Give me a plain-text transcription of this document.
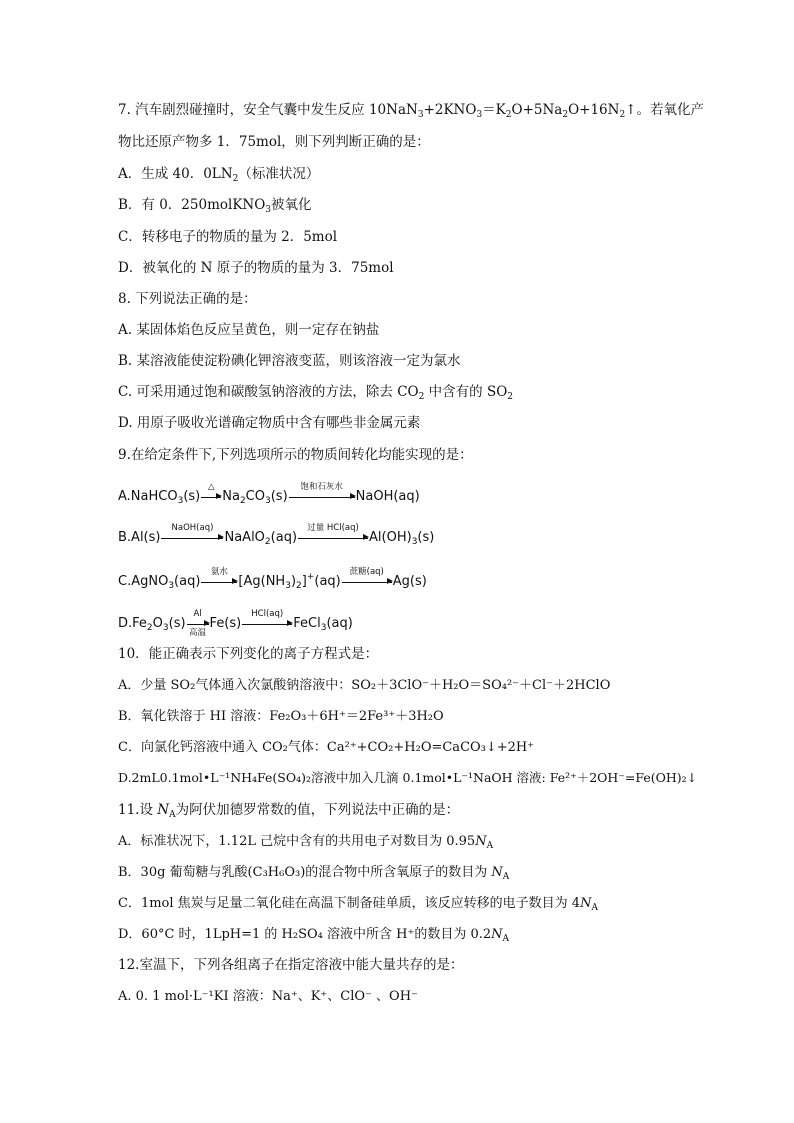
7. 汽车剧烈碰撞时，安全气囊中发生反应 $10NaN_3+2KNO_3=K_2O+5Na_2O+16N_2↑$。若氧化产
物比还原产物多 1．75mol，则下列判断正确的是：
A．生成 40．$0LN_2$（标准状况）
B．有 0．250molKNO$_3$被氧化
C．转移电子的物质的量为 2．5mol
D．被氧化的 N 原子的物质的量为 3．75mol
8. 下列说法正确的是：
A. 某固体焰色反应呈黄色，则一定存在钠盐
B. 某溶液能使淀粉碘化钾溶液变蓝，则该溶液一定为氯水
C. 可采用通过饱和碳酸氢钠溶液的方法，除去 $CO_2$ 中含有的 $SO_2$
D. 用原子吸收光谱确定物质中含有哪些非金属元素
9.在给定条件下,下列选项所示的物质间转化均能实现的是：
A.NaHCO$_3$(s)
△
$Na_2CO_3(s)$
饱和石灰水
NaOH(aq)
B.Al(s)
NaOH(aq)
NaAlO$_2$(aq)
过量 HCl(aq)
$Al(OH)_3(s)$
C.AgNO$_3$(aq)
氨水
$[Ag(NH_3)_2]^+(aq)$
蔗糖(aq)
Ag(s)
$D.Fe_2O_3(s)$
Al
高温
Fe(s)
HCl(aq)
FeCl$_3$(aq)
10．能正确表示下列变化的离子方程式是：
A．少量 SO₂气体通入次氯酸钠溶液中：SO₂＋3ClO⁻＋H₂O＝SO₄²⁻＋Cl⁻＋2HClO
B．氧化铁溶于 HI 溶液：Fe₂O₃＋6H⁺＝2Fe³⁺＋3H₂O
C．向氯化钙溶液中通入 CO₂气体：Ca²⁺+CO₂+H₂O=CaCO₃↓+2H⁺
D.2mL0.1mol•L⁻¹NH₄Fe(SO₄)₂溶液中加入几滴 0.1mol•L⁻¹NaOH 溶液: Fe²⁺＋2OH⁻=Fe(OH)₂↓
11.设 $N_A$为阿伏加德罗常数的值，下列说法中正确的是：
A．标准状况下，1.12L 己烷中含有的共用电子对数目为 $0.95N_A$
B．30g 葡萄糖与乳酸(C₃H₆O₃)的混合物中所含氧原子的数目为 $N_A$
C．1mol 焦炭与足量二氧化硅在高温下制备硅单质，该反应转移的电子数目为 $4N_A$
D．60°C 时，1LpH=1 的 H₂SO₄ 溶液中所含 H⁺的数目为 $0.2N_A$
12.室温下，下列各组离子在指定溶液中能大量共存的是：
A. 0. 1 mol·L⁻¹KI 溶液：Na⁺、K⁺、ClO⁻ 、OH⁻
